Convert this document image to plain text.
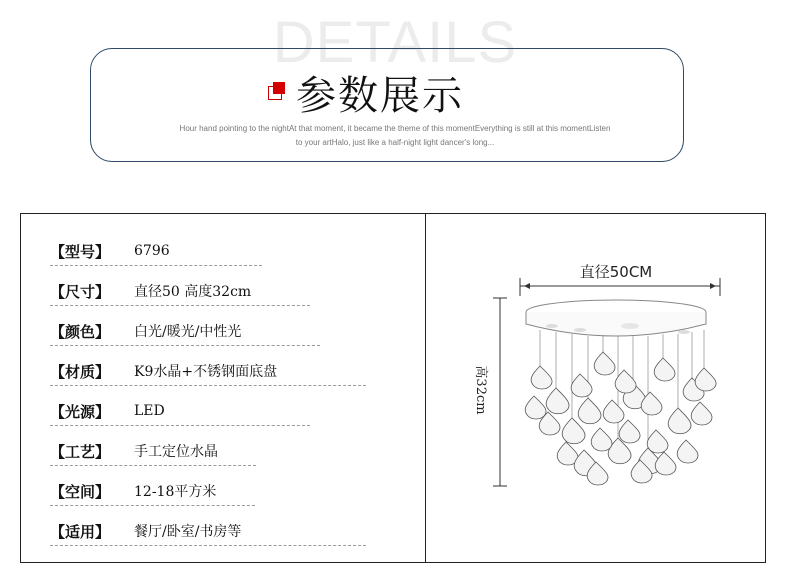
DETAILS
参数展示
Hour hand pointing to the nightAt that moment, it became the theme of this momentEverything is still at this momentListen
to your artHalo, just like a half-night light dancer's long...
【型号】	6796
【尺寸】	直径50 高度32cm
【颜色】	白光/暖光/中性光
【材质】	K9水晶+不锈钢面底盘
【光源】	LED
【工艺】	手工定位水晶
【空间】	12-18平方米
【适用】	餐厅/卧室/书房等
直径50CM
高32cm
